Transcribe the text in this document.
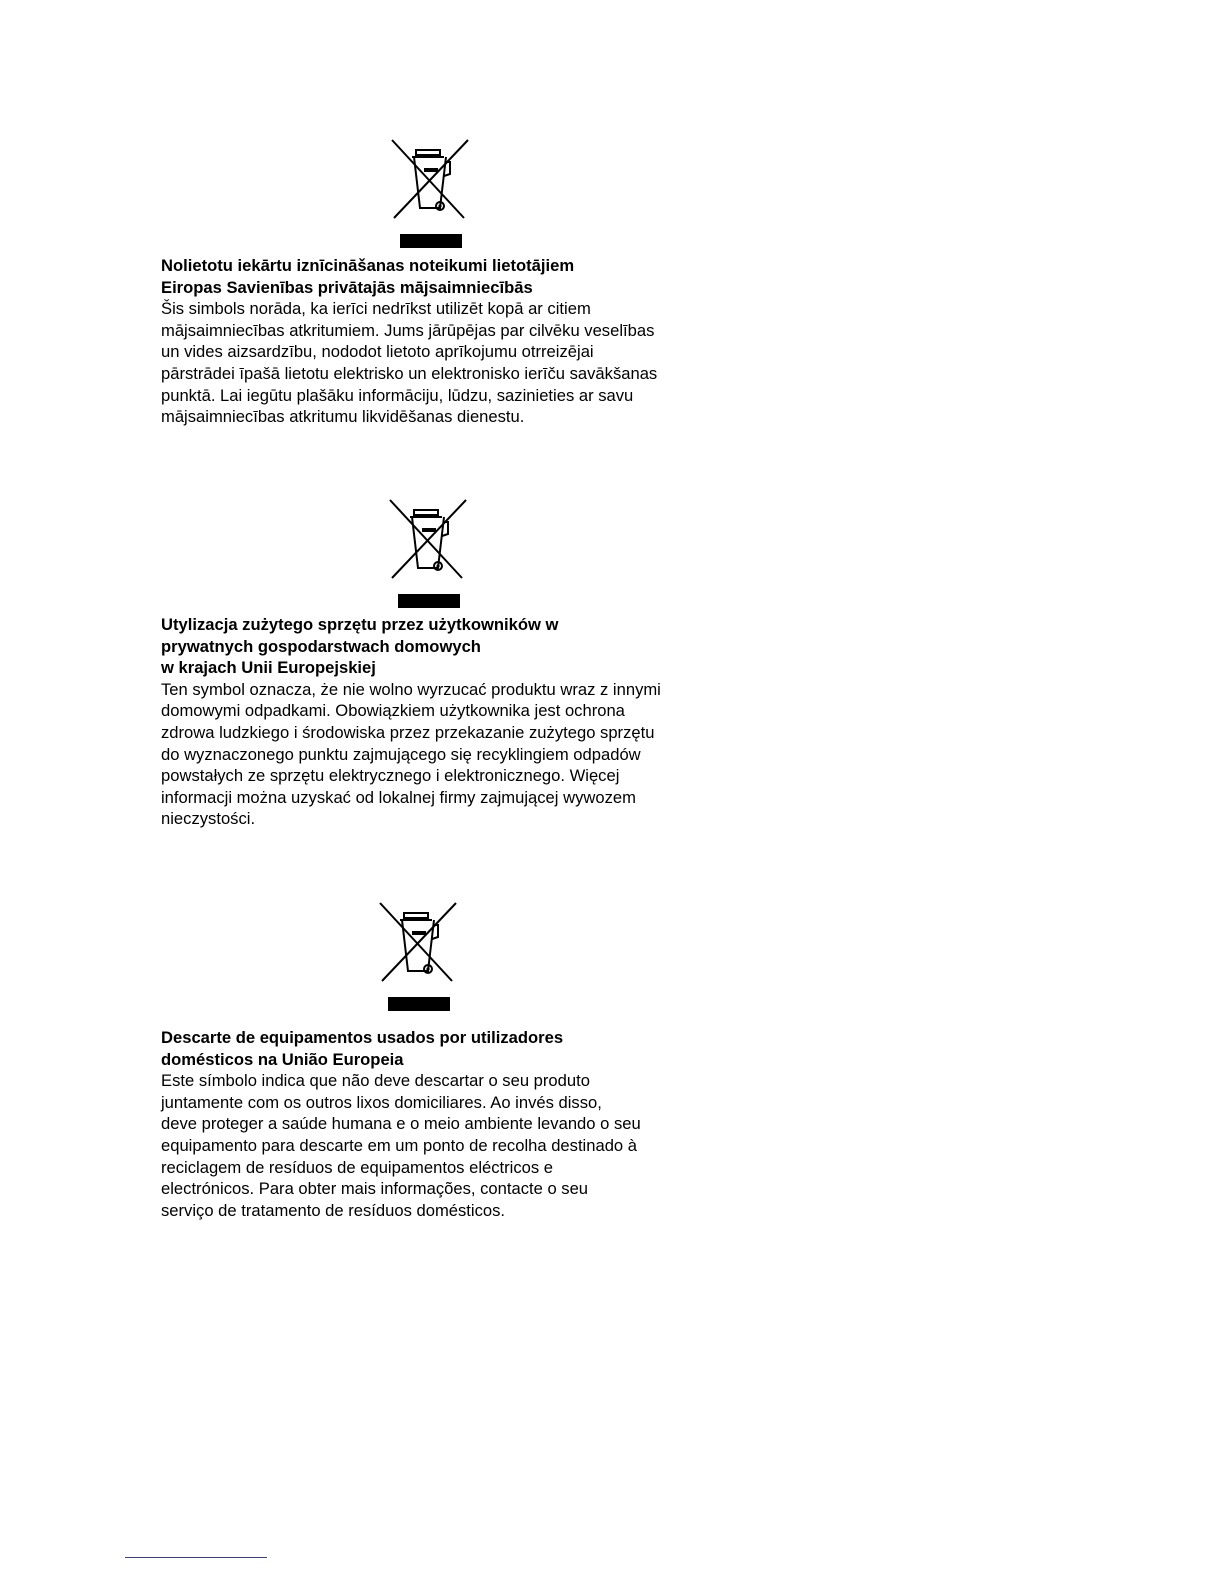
Nolietotu iekārtu iznīcināšanas noteikumi lietotājiem
Eiropas Savienības privātajās mājsaimniecībās
Šis simbols norāda, ka ierīci nedrīkst utilizēt kopā ar citiem
mājsaimniecības atkritumiem. Jums jārūpējas par cilvēku veselības
un vides aizsardzību, nododot lietoto aprīkojumu otrreizējai
pārstrādei īpašā lietotu elektrisko un elektronisko ierīču savākšanas
punktā. Lai iegūtu plašāku informāciju, lūdzu, sazinieties ar savu
mājsaimniecības atkritumu likvidēšanas dienestu.
Utylizacja zużytego sprzętu przez użytkowników w
prywatnych gospodarstwach domowych
w krajach Unii Europejskiej
Ten symbol oznacza, że nie wolno wyrzucać produktu wraz z innymi
domowymi odpadkami. Obowiązkiem użytkownika jest ochrona
zdrowa ludzkiego i środowiska przez przekazanie zużytego sprzętu
do wyznaczonego punktu zajmującego się recyklingiem odpadów
powstałych ze sprzętu elektrycznego i elektronicznego. Więcej
informacji można uzyskać od lokalnej firmy zajmującej wywozem
nieczystości.
Descarte de equipamentos usados por utilizadores
domésticos na União Europeia
Este símbolo indica que não deve descartar o seu produto
juntamente com os outros lixos domiciliares. Ao invés disso,
deve proteger a saúde humana e o meio ambiente levando o seu
equipamento para descarte em um ponto de recolha destinado à
reciclagem de resíduos de equipamentos eléctricos e
electrónicos. Para obter mais informações, contacte o seu
serviço de tratamento de resíduos domésticos.
